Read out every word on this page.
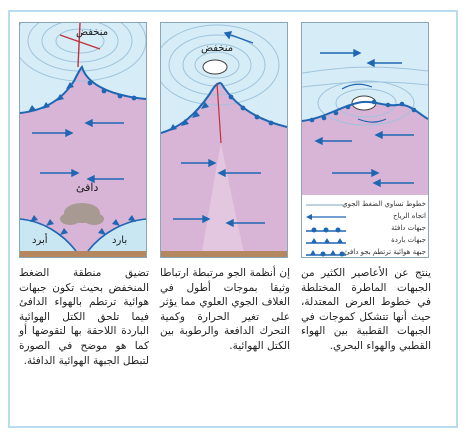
خطوط تساوي الضغط الجوي
اتجاه الرياح
جبهات دافئة
جبهات باردة
جبهة هوائية ترتطم بجو دافئ
منخفض
منخفض
دافئ
أبرد	بارد
ينتج عن الأعاصير الكثير من الجبهات الماطرة المختلطة في خطوط العرض المعتدلة، حيث أنها تتشكل كموجات في الجبهات القطبية بين الهواء القطبي والهواء البحري.
إن أنظمة الجو مرتبطة ارتباطا وثيقا بموجات أطول في الغلاف الجوي العلوي مما يؤثر على تغير الحرارة وكمية التحرك الدافعة والرطوبة بين الكتل الهوائية.
تضيق منطقة الضغط المنخفض بحيث تكون جبهات هوائية ترتطم بالهواء الدافئ فيما تلحق الكتل الهوائية الباردة اللاحقة بها لتقوضها أو كما هو موضح في الصورة لتبطل الجبهة الهوائية الدافئة.
